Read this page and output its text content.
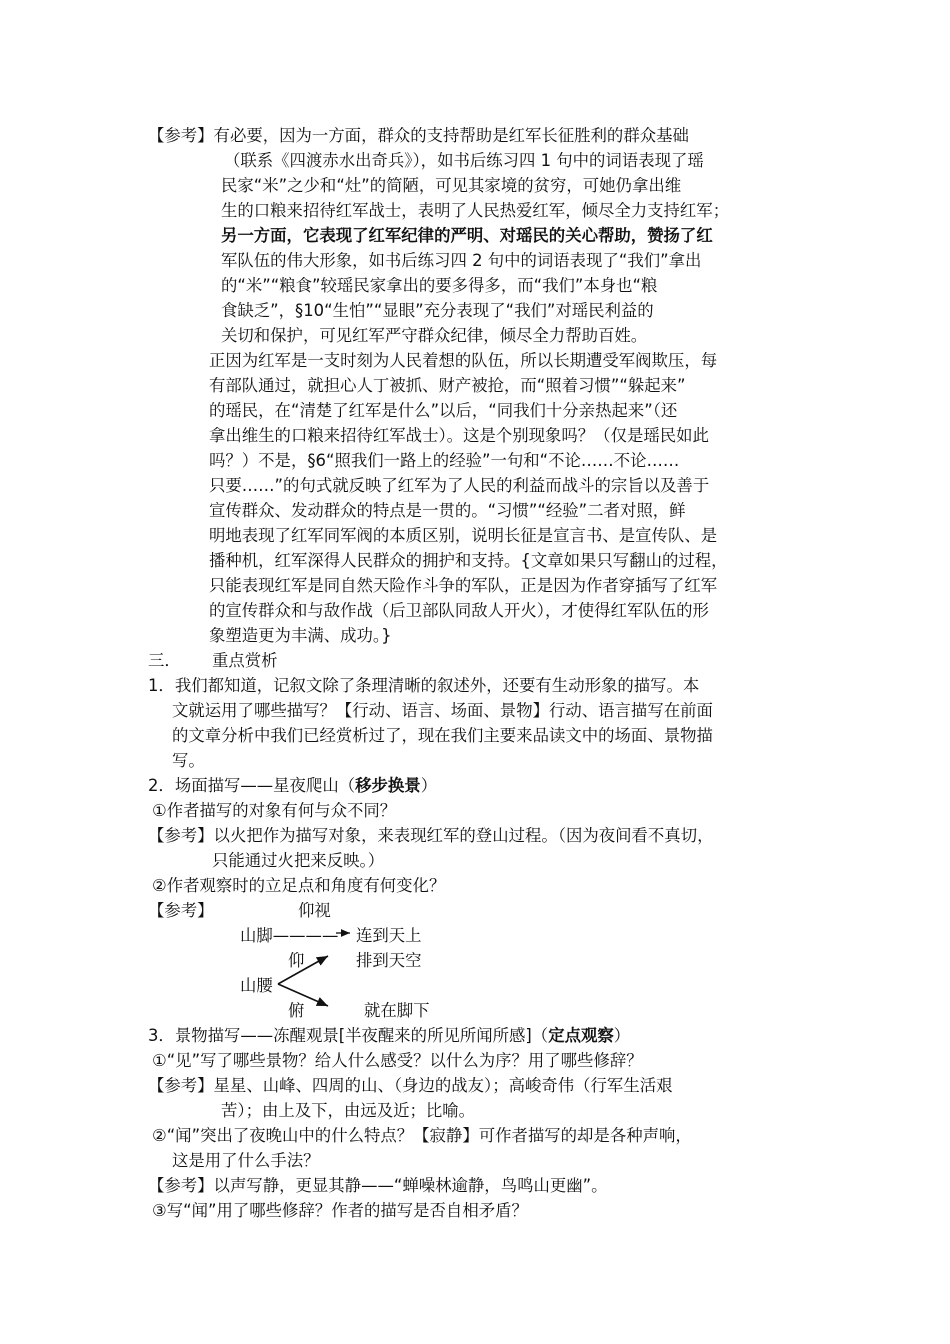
【参考】有必要，因为一方面，群众的支持帮助是红军长征胜利的群众基础
（联系《四渡赤水出奇兵》），如书后练习四 1 句中的词语表现了瑶
民家“米”之少和“灶”的简陋，可见其家境的贫穷，可她仍拿出维
生的口粮来招待红军战士，表明了人民热爱红军，倾尽全力支持红军；
另一方面，它表现了红军纪律的严明、对瑶民的关心帮助，赞扬了红
军队伍的伟大形象，如书后练习四 2 句中的词语表现了“我们”拿出
的“米”“粮食”较瑶民家拿出的要多得多，而“我们”本身也“粮
食缺乏”，§10“生怕”“显眼”充分表现了“我们”对瑶民利益的
关切和保护，可见红军严守群众纪律，倾尽全力帮助百姓。
正因为红军是一支时刻为人民着想的队伍，所以长期遭受军阀欺压，每
有部队通过，就担心人丁被抓、财产被抢，而“照着习惯”“躲起来”
的瑶民，在“清楚了红军是什么”以后，“同我们十分亲热起来”（还
拿出维生的口粮来招待红军战士）。这是个别现象吗？（仅是瑶民如此
吗？）不是，§6“照我们一路上的经验”一句和“不论……不论……
只要……”的句式就反映了红军为了人民的利益而战斗的宗旨以及善于
宣传群众、发动群众的特点是一贯的。“习惯”“经验”二者对照，鲜
明地表现了红军同军阀的本质区别，说明长征是宣言书、是宣传队、是
播种机，红军深得人民群众的拥护和支持。{文章如果只写翻山的过程，
只能表现红军是同自然天险作斗争的军队，正是因为作者穿插写了红军
的宣传群众和与敌作战（后卫部队同敌人开火），才使得红军队伍的形
象塑造更为丰满、成功。}
三． 重点赏析
1．我们都知道，记叙文除了条理清晰的叙述外，还要有生动形象的描写。本
文就运用了哪些描写？【行动、语言、场面、景物】行动、语言描写在前面
的文章分析中我们已经赏析过了，现在我们主要来品读文中的场面、景物描
写。
2．场面描写——星夜爬山（移步换景）
①作者描写的对象有何与众不同？
【参考】以火把作为描写对象，来表现红军的登山过程。（因为夜间看不真切，
只能通过火把来反映。）
②作者观察时的立足点和角度有何变化？
【参考】	仰视
山脚———— 连到天上
仰	排到天空
山腰
俯	就在脚下
3．景物描写——冻醒观景[半夜醒来的所见所闻所感]（定点观察）
①“见”写了哪些景物？给人什么感受？以什么为序？用了哪些修辞？
【参考】星星、山峰、四周的山、（身边的战友）；高峻奇伟（行军生活艰
苦）；由上及下，由远及近；比喻。
②“闻”突出了夜晚山中的什么特点？【寂静】可作者描写的却是各种声响，
这是用了什么手法？
【参考】以声写静，更显其静——“蝉噪林逾静，鸟鸣山更幽”。
③写“闻”用了哪些修辞？作者的描写是否自相矛盾？
